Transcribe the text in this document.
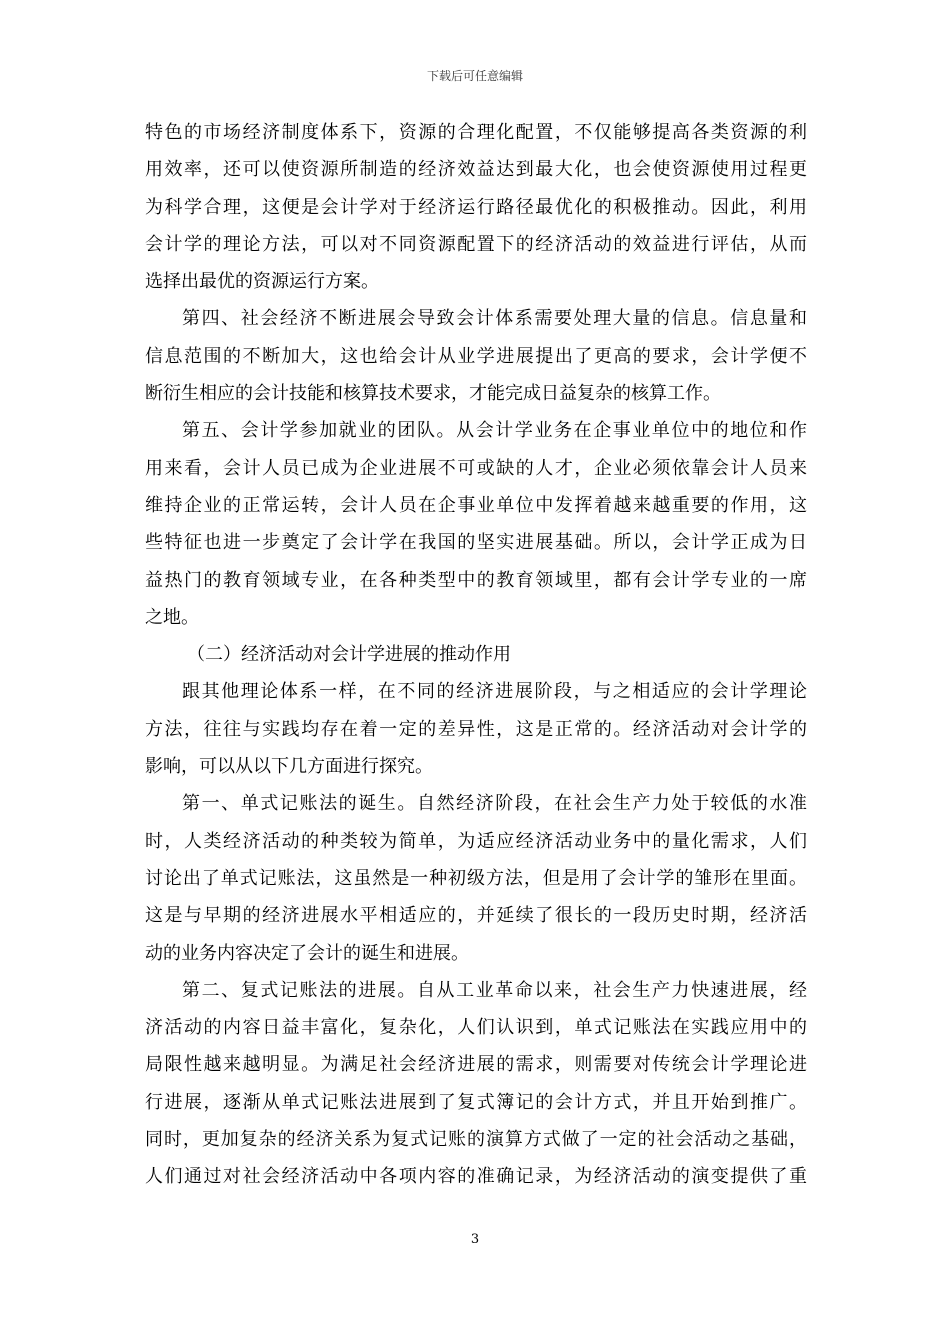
下载后可任意编辑
特色的市场经济制度体系下，资源的合理化配置，不仅能够提高各类资源的利
用效率，还可以使资源所制造的经济效益达到最大化，也会使资源使用过程更
为科学合理，这便是会计学对于经济运行路径最优化的积极推动。因此，利用
会计学的理论方法，可以对不同资源配置下的经济活动的效益进行评估，从而
选择出最优的资源运行方案。
第四、社会经济不断进展会导致会计体系需要处理大量的信息。信息量和
信息范围的不断加大，这也给会计从业学进展提出了更高的要求，会计学便不
断衍生相应的会计技能和核算技术要求，才能完成日益复杂的核算工作。
第五、会计学参加就业的团队。从会计学业务在企事业单位中的地位和作
用来看，会计人员已成为企业进展不可或缺的人才，企业必须依靠会计人员来
维持企业的正常运转，会计人员在企事业单位中发挥着越来越重要的作用，这
些特征也进一步奠定了会计学在我国的坚实进展基础。所以，会计学正成为日
益热门的教育领域专业，在各种类型中的教育领域里，都有会计学专业的一席
之地。
（二）经济活动对会计学进展的推动作用
跟其他理论体系一样，在不同的经济进展阶段，与之相适应的会计学理论
方法，往往与实践均存在着一定的差异性，这是正常的。经济活动对会计学的
影响，可以从以下几方面进行探究。
第一、单式记账法的诞生。自然经济阶段，在社会生产力处于较低的水准
时，人类经济活动的种类较为简单，为适应经济活动业务中的量化需求，人们
讨论出了单式记账法，这虽然是一种初级方法，但是用了会计学的雏形在里面。
这是与早期的经济进展水平相适应的，并延续了很长的一段历史时期，经济活
动的业务内容决定了会计的诞生和进展。
第二、复式记账法的进展。自从工业革命以来，社会生产力快速进展，经
济活动的内容日益丰富化，复杂化，人们认识到，单式记账法在实践应用中的
局限性越来越明显。为满足社会经济进展的需求，则需要对传统会计学理论进
行进展，逐渐从单式记账法进展到了复式簿记的会计方式，并且开始到推广。
同时，更加复杂的经济关系为复式记账的演算方式做了一定的社会活动之基础，
人们通过对社会经济活动中各项内容的准确记录，为经济活动的演变提供了重
3
